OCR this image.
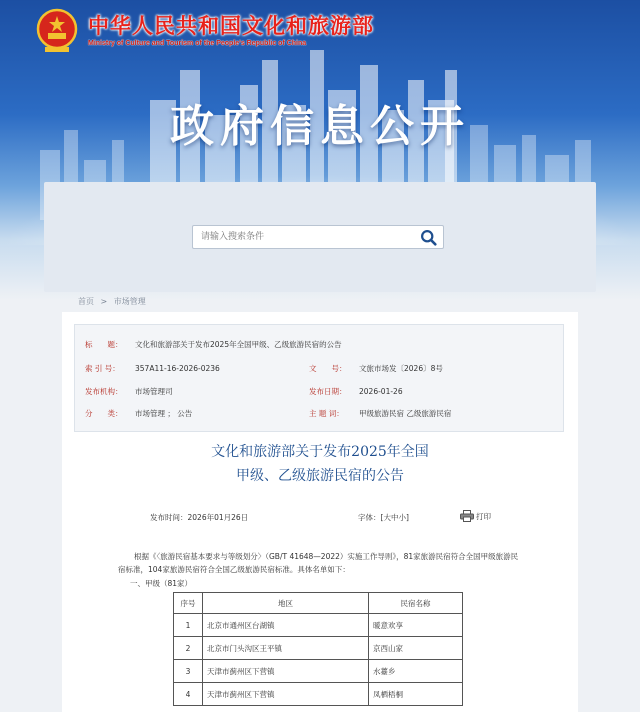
中华人民共和国文化和旅游部

Ministry of Culture and Tourism of the People's Republic of China

政府信息公开
请输入搜索条件
首页 > 市场管理
标　　题： 文化和旅游部关于发布2025年全国甲级、乙级旅游民宿的公告
索 引 号： 357A11-16-2026-0236	文　　号： 文旅市场发〔2026〕8号
发布机构： 市场管理司	发布日期： 2026-01-26
分　　类： 市场管理 ； 公告	主 题 词： 甲级旅游民宿 乙级旅游民宿
文化和旅游部关于发布2025年全国
甲级、乙级旅游民宿的公告
发布时间：2026年01月26日	字体：[大中小]	打印

根据《〈旅游民宿基本要求与等级划分〉（GB/T 41648—2022）实施工作导则》，81家旅游民宿符合全国甲级旅游民宿标准，104家旅游民宿符合全国乙级旅游民宿标准。具体名单如下：

一、甲级（81家）
序号	地区	民宿名称
1	北京市通州区台湖镇	暖意欢享
2	北京市门头沟区王平镇	京西山家
3	天津市蓟州区下营镇	水薹乡
4	天津市蓟州区下营镇	凤栖梧桐
